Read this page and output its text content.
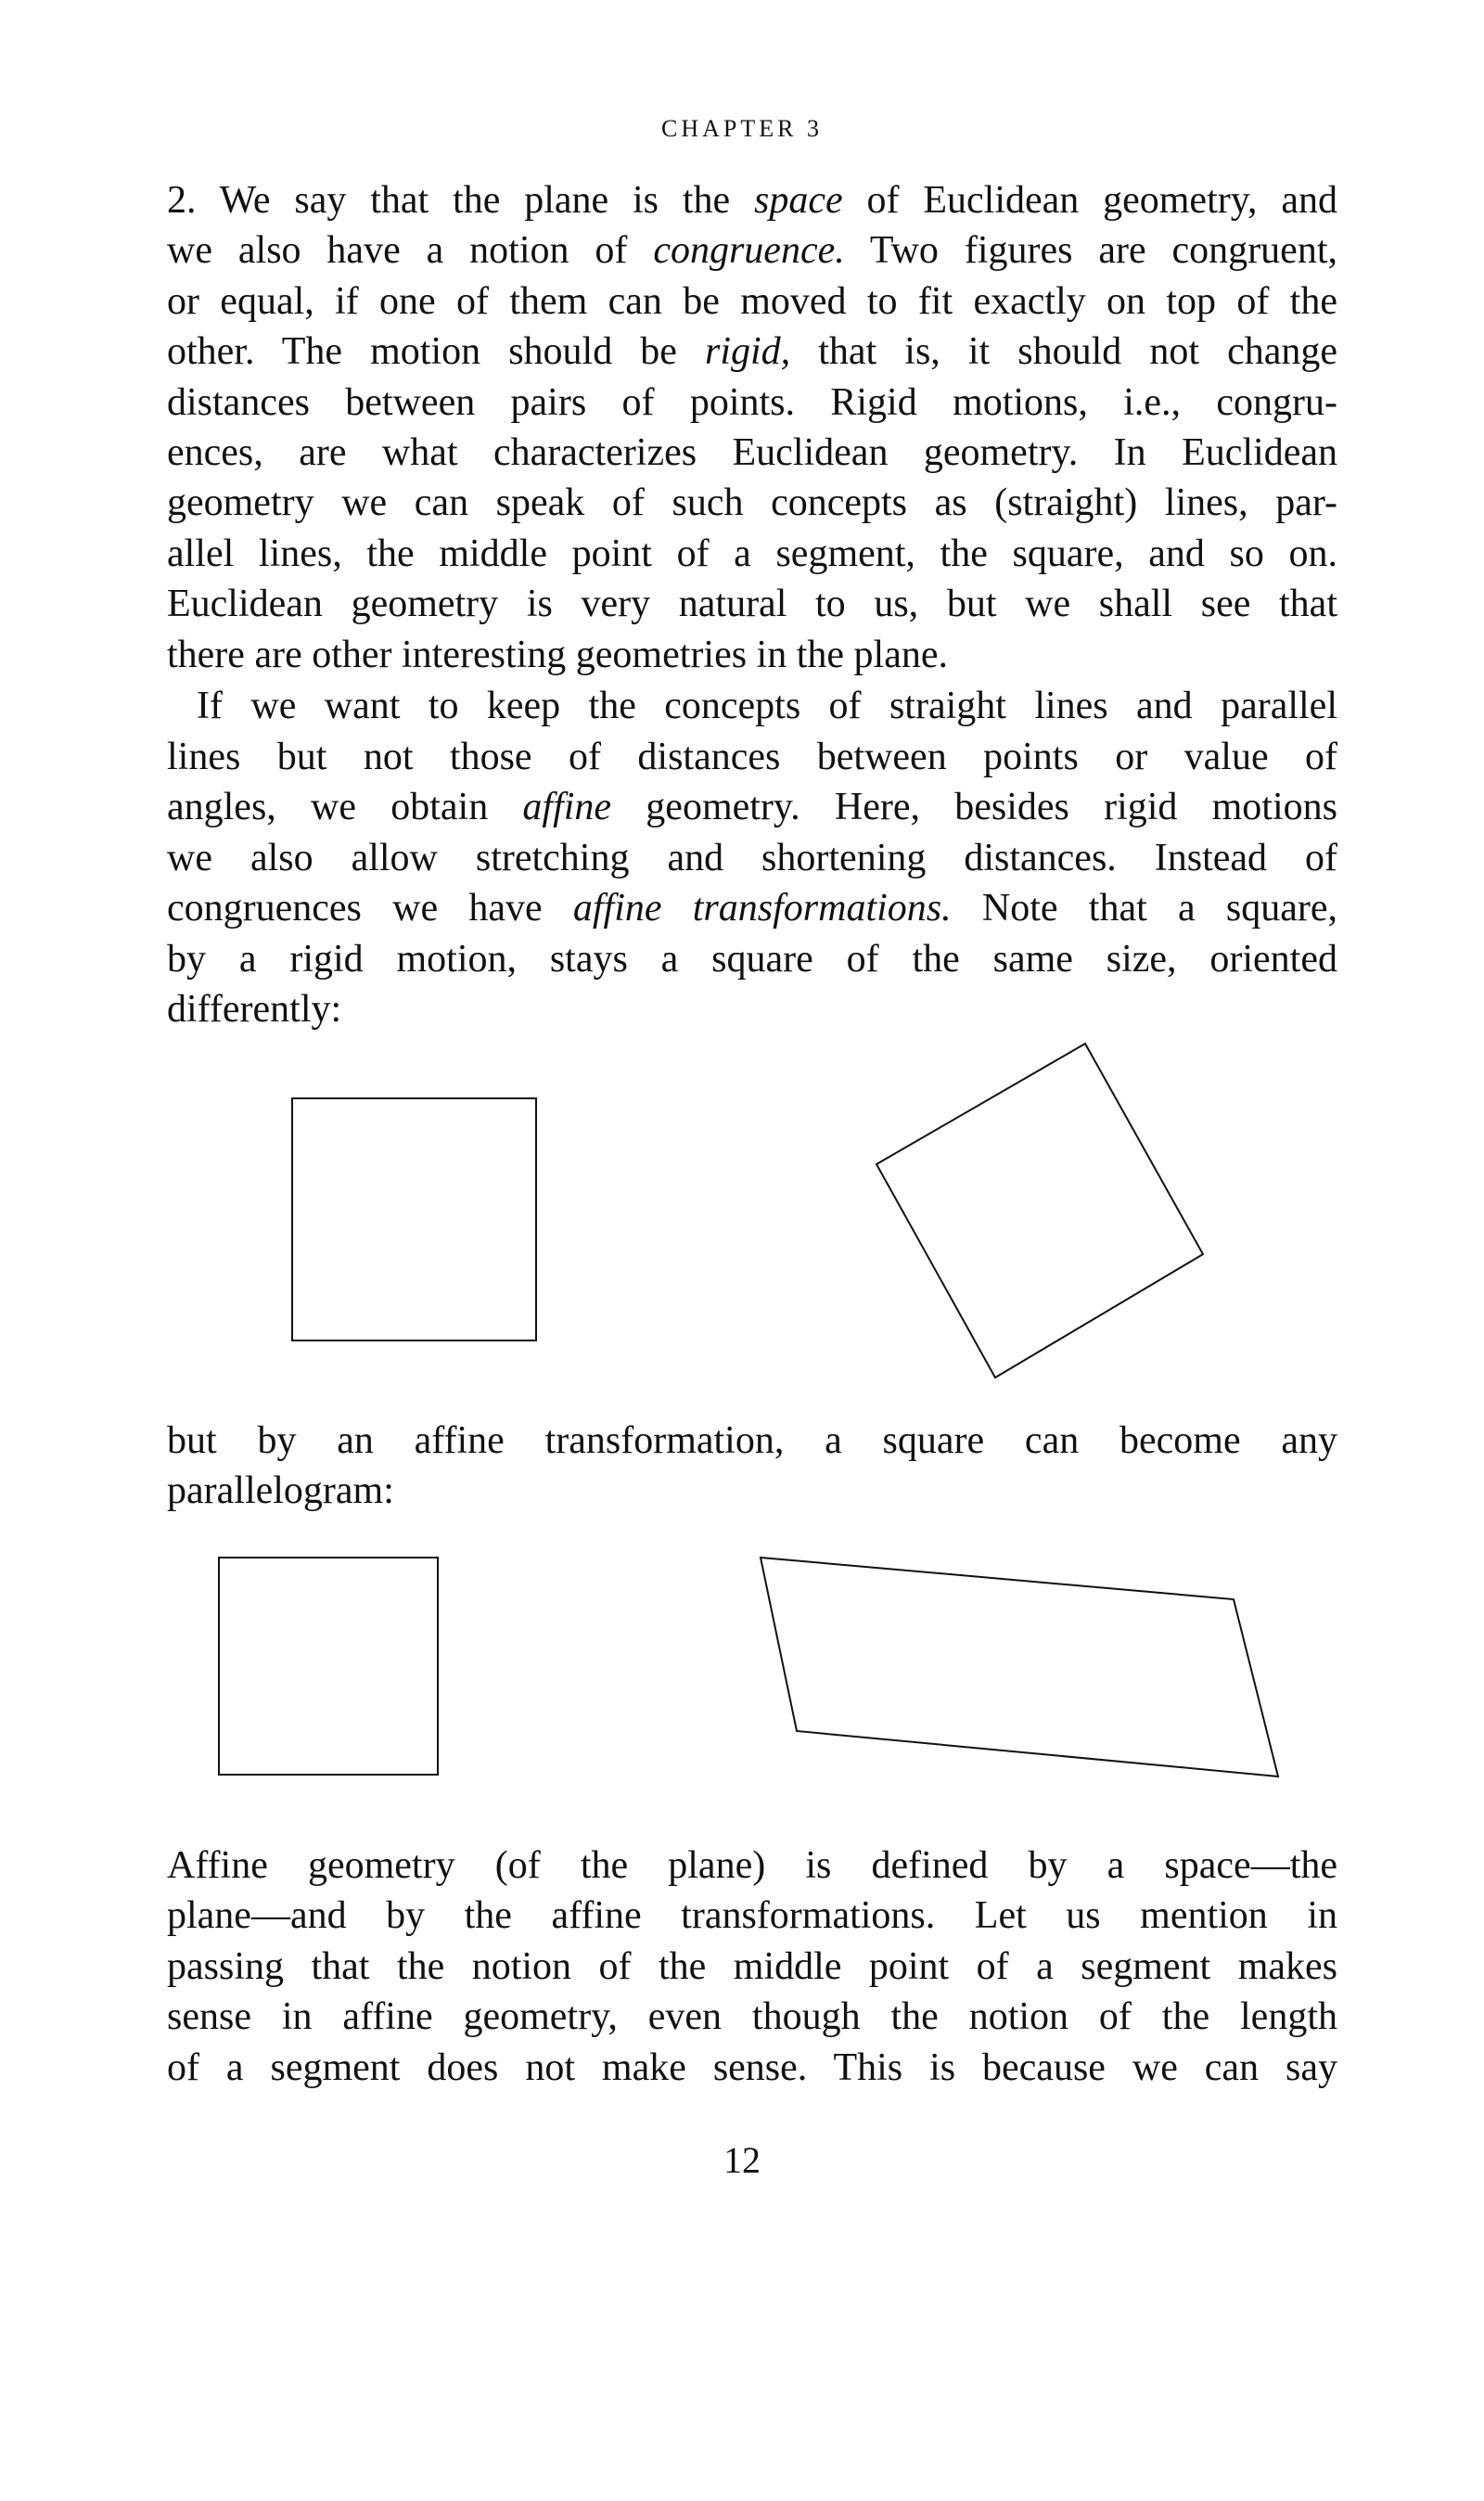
CHAPTER 3
2. We say that the plane is the space of Euclidean geometry, and
we also have a notion of congruence. Two figures are congruent,
or equal, if one of them can be moved to fit exactly on top of the
other. The motion should be rigid, that is, it should not change
distances between pairs of points. Rigid motions, i.e., congru-
ences, are what characterizes Euclidean geometry. In Euclidean
geometry we can speak of such concepts as (straight) lines, par-
allel lines, the middle point of a segment, the square, and so on.
Euclidean geometry is very natural to us, but we shall see that
there are other interesting geometries in the plane.
If we want to keep the concepts of straight lines and parallel
lines but not those of distances between points or value of
angles, we obtain affine geometry. Here, besides rigid motions
we also allow stretching and shortening distances. Instead of
congruences we have affine transformations. Note that a square,
by a rigid motion, stays a square of the same size, oriented
differently:
but by an affine transformation, a square can become any
parallelogram:
Affine geometry (of the plane) is defined by a space—the
plane—and by the affine transformations. Let us mention in
passing that the notion of the middle point of a segment makes
sense in affine geometry, even though the notion of the length
of a segment does not make sense. This is because we can say
12
